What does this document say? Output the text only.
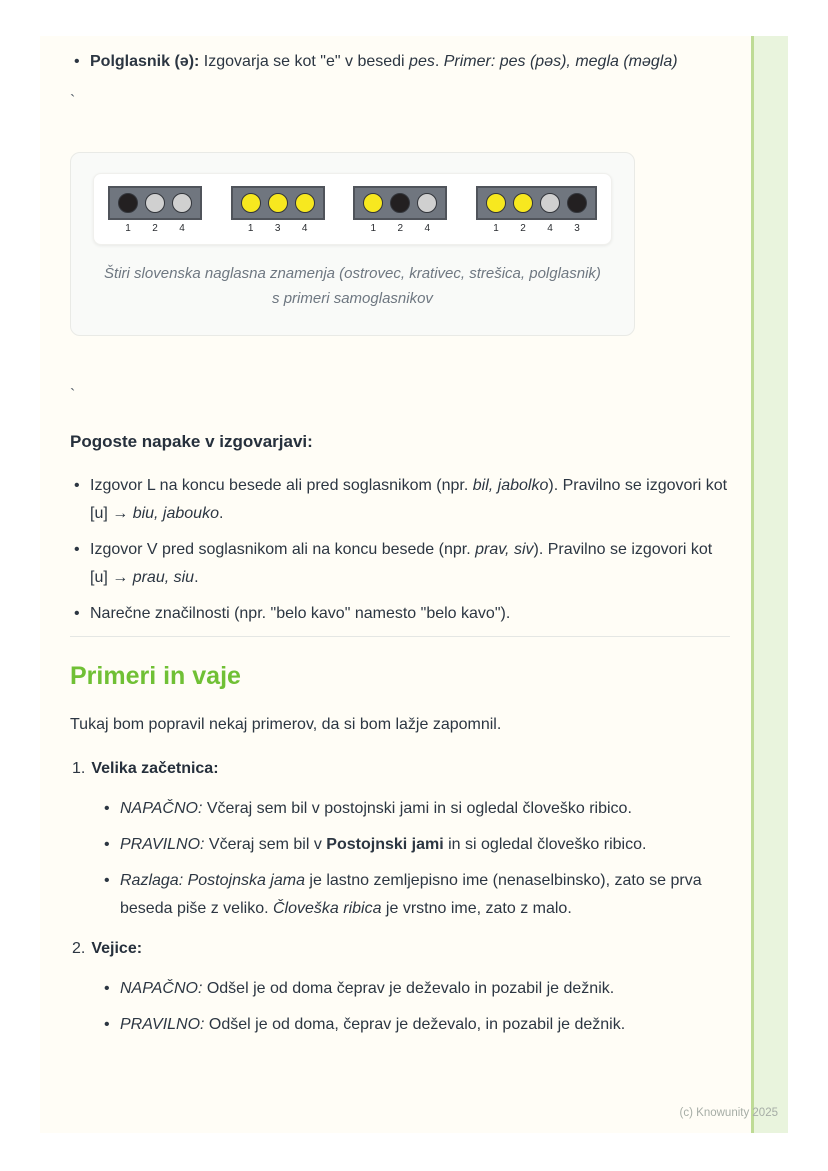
• Polglasnik (ə): Izgovarja se kot "e" v besedi pes. Primer: pes (pəs), megla (məgla)
`
1	2	4	1	3	4	1	2	4	1	2	4	3
Štiri slovenska naglasna znamenja (ostrovec, krativec, strešica, polglasnik) s primeri samoglasnikov
`
Pogoste napake v izgovarjavi:
• Izgovor L na koncu besede ali pred soglasnikom (npr. bil, jabolko). Pravilno se izgovori kot [u] → biu, jabouko.
• Izgovor V pred soglasnikom ali na koncu besede (npr. prav, siv). Pravilno se izgovori kot [u] → prau, siu.
• Narečne značilnosti (npr. "belo kavo" namesto "belo kavo").
Primeri in vaje

Tukaj bom popravil nekaj primerov, da si bom lažje zapomnil.

1. Velika začetnica:
• NAPAČNO: Včeraj sem bil v postojnski jami in si ogledal človeško ribico.
• PRAVILNO: Včeraj sem bil v Postojnski jami in si ogledal človeško ribico.
• Razlaga: Postojnska jama je lastno zemljepisno ime (nenaselbinsko), zato se prva beseda piše z veliko. Človeška ribica je vrstno ime, zato z malo.
2. Vejice:
• NAPAČNO: Odšel je od doma čeprav je deževalo in pozabil je dežnik.
• PRAVILNO: Odšel je od doma, čeprav je deževalo, in pozabil je dežnik.
(c) Knowunity 2025
